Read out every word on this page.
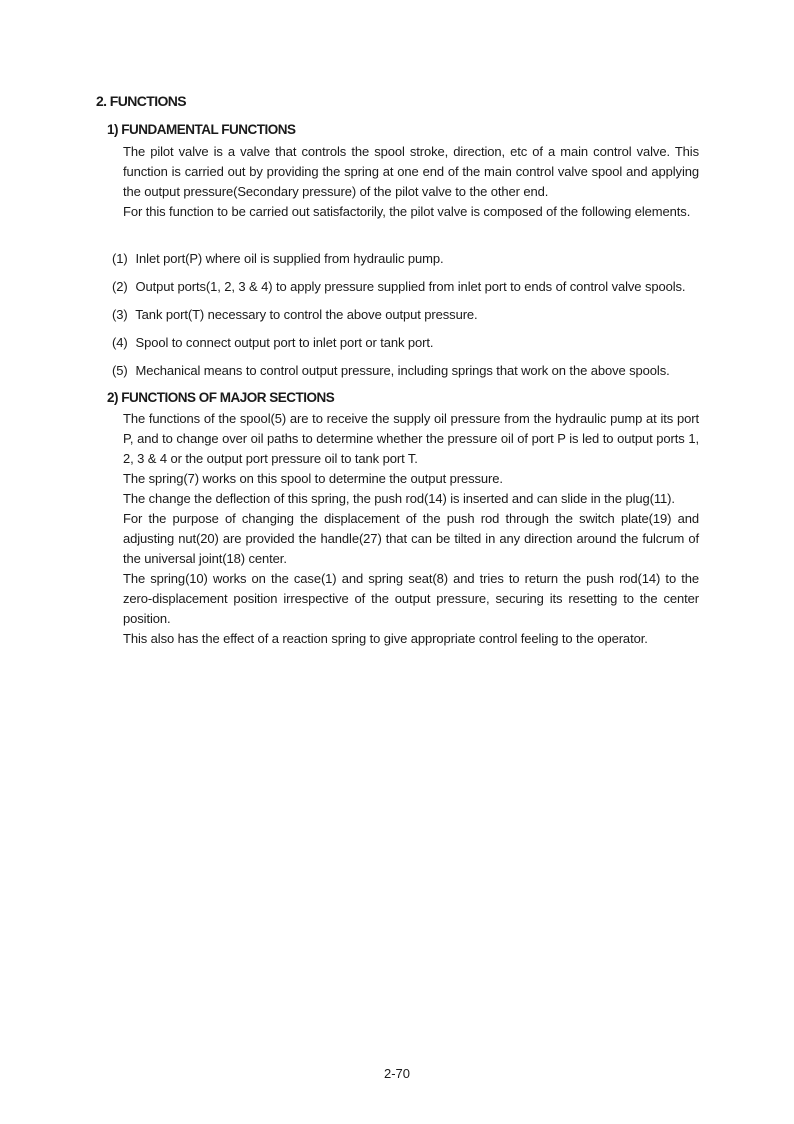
2. FUNCTIONS
1) FUNDAMENTAL FUNCTIONS

The pilot valve is a valve that controls the spool stroke, direction, etc of a main control valve. This function is carried out by providing the spring at one end of the main control valve spool and applying the output pressure(Secondary pressure) of the pilot valve to the other end.

For this function to be carried out satisfactorily, the pilot valve is composed of the following elements.

(1) Inlet port(P) where oil is supplied from hydraulic pump.
(2) Output ports(1, 2, 3 & 4) to apply pressure supplied from inlet port to ends of control valve spools.
(3) Tank port(T) necessary to control the above output pressure.
(4) Spool to connect output port to inlet port or tank port.
(5) Mechanical means to control output pressure, including springs that work on the above spools.
2) FUNCTIONS OF MAJOR SECTIONS

The functions of the spool(5) are to receive the supply oil pressure from the hydraulic pump at its port P, and to change over oil paths to determine whether the pressure oil of port P is led to output ports 1, 2, 3 & 4 or the output port pressure oil to tank port T.

The spring(7) works on this spool to determine the output pressure.

The change the deflection of this spring, the push rod(14) is inserted and can slide in the plug(11).

For the purpose of changing the displacement of the push rod through the switch plate(19) and adjusting nut(20) are provided the handle(27) that can be tilted in any direction around the fulcrum of the universal joint(18) center.

The spring(10) works on the case(1) and spring seat(8) and tries to return the push rod(14) to the zero-displacement position irrespective of the output pressure, securing its resetting to the center position.

This also has the effect of a reaction spring to give appropriate control feeling to the operator.

2-70
